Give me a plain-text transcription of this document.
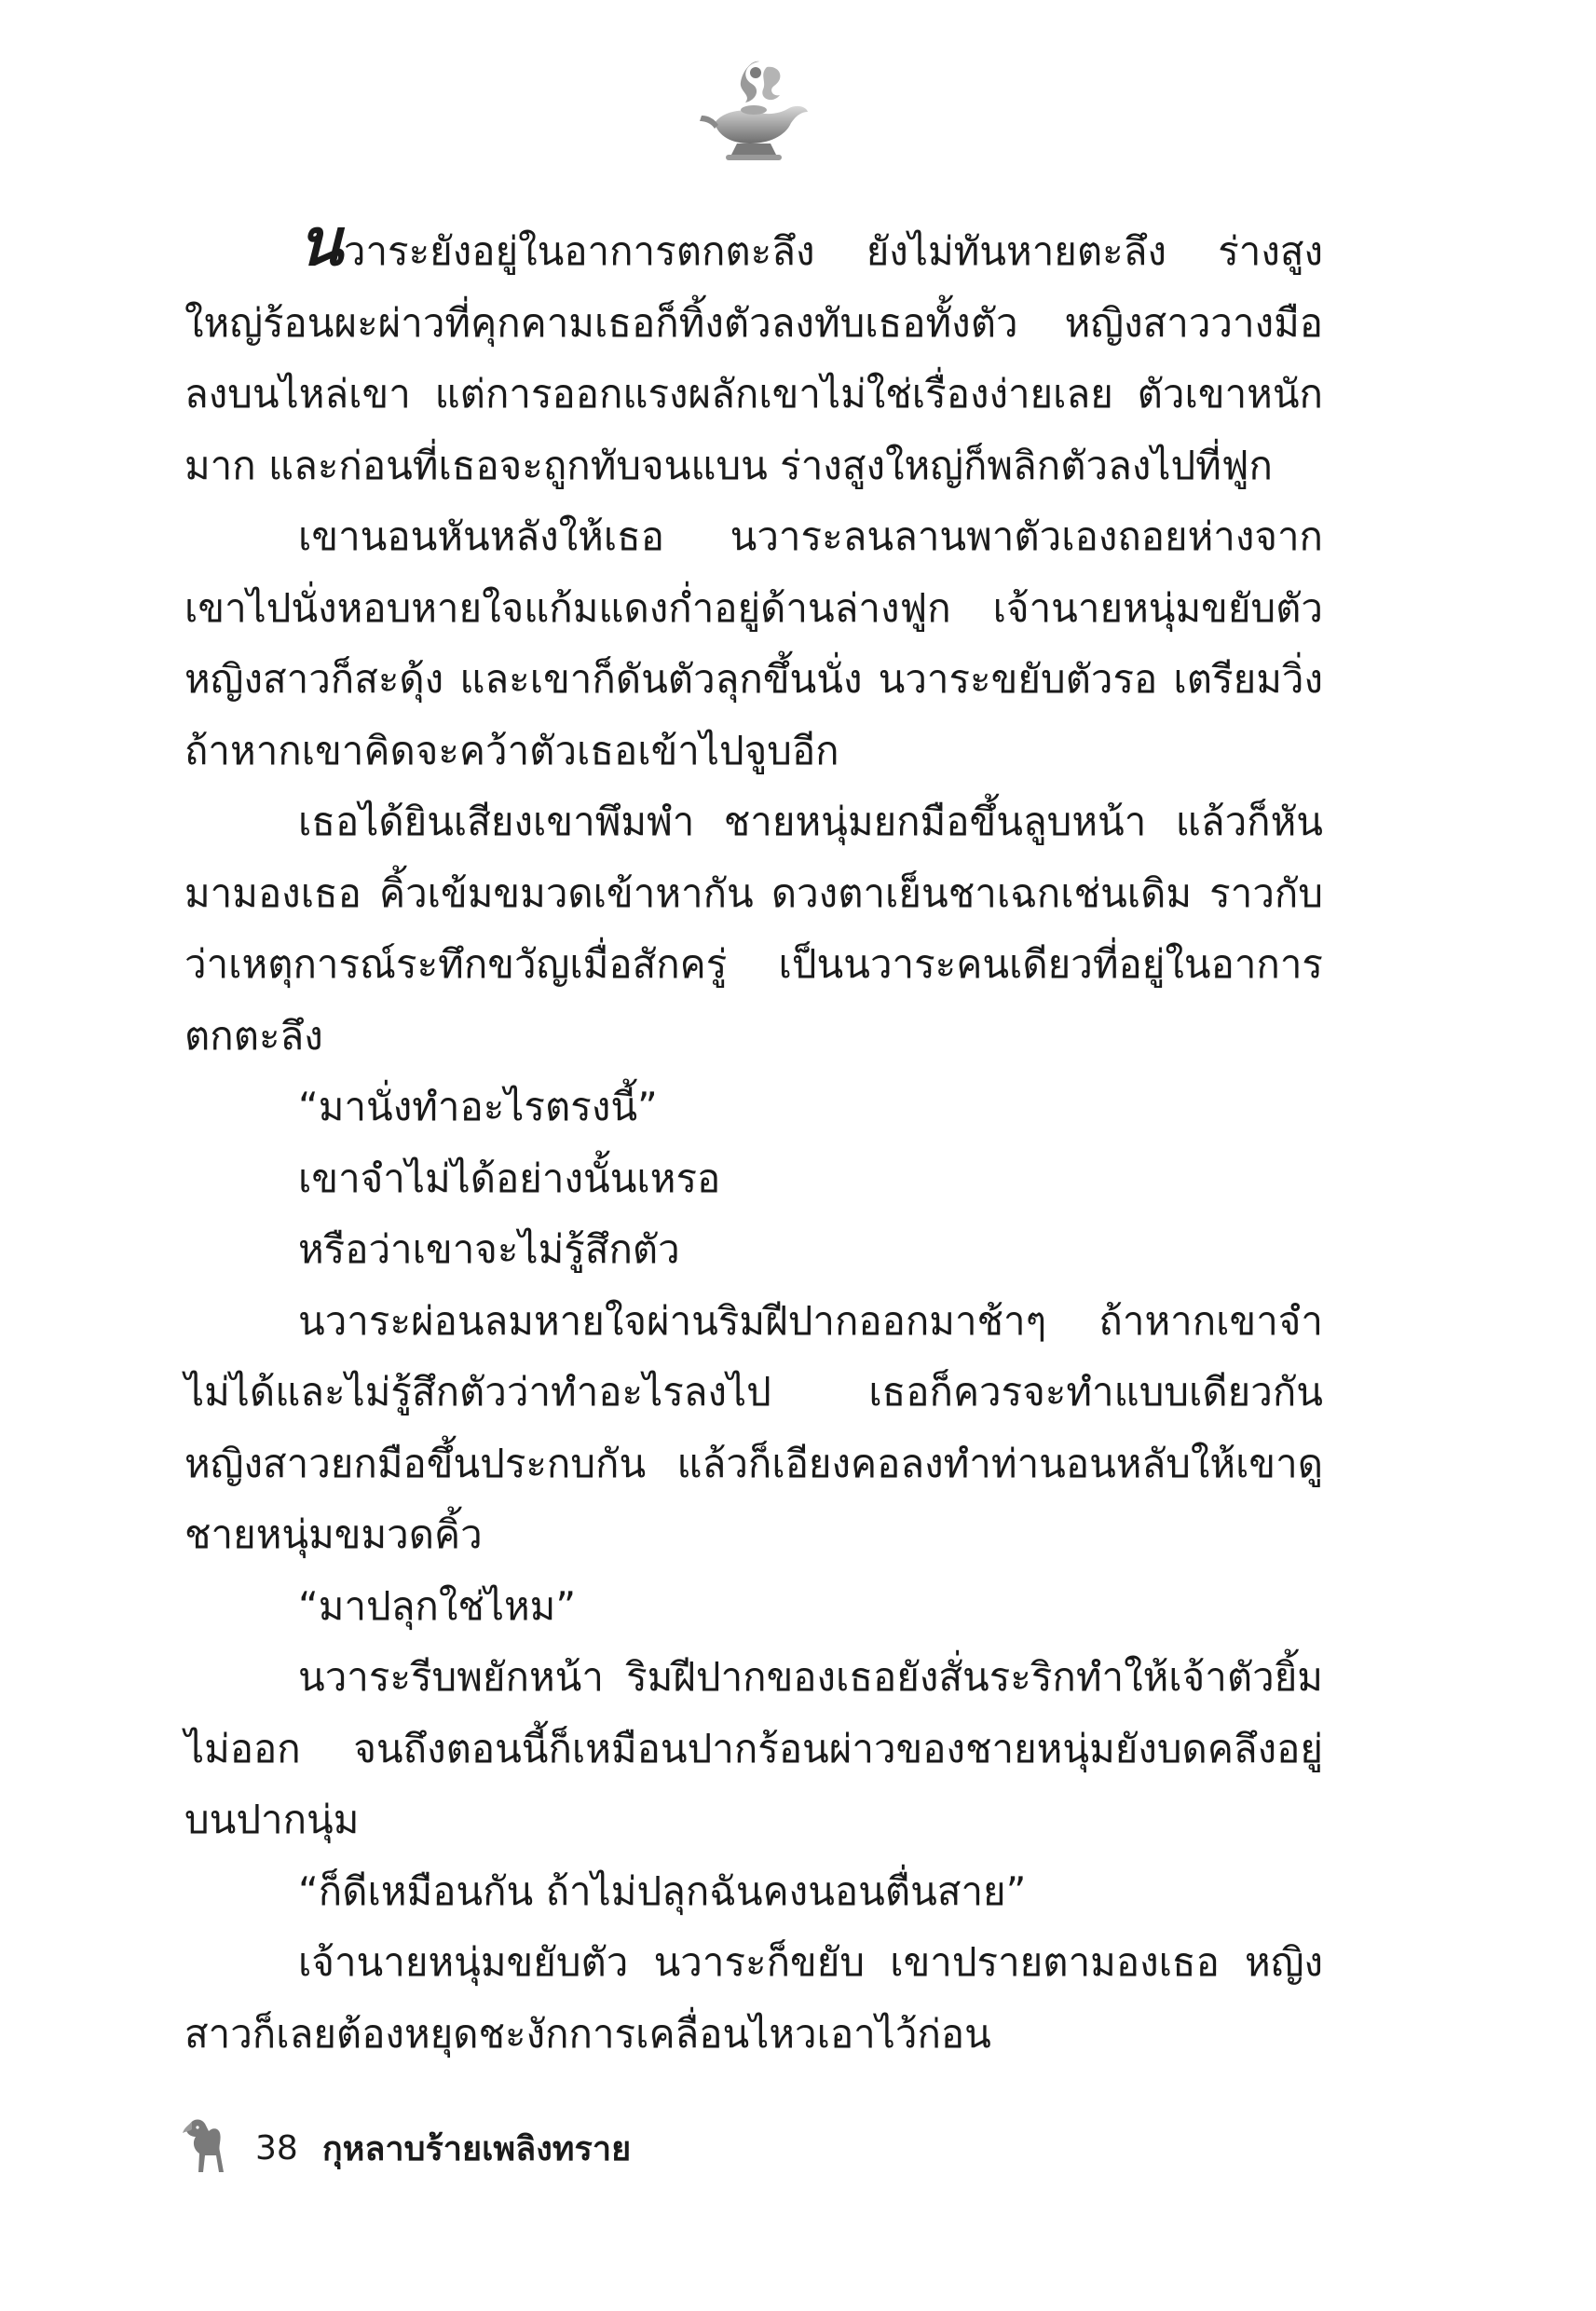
นวาระยังอยู่ในอาการตกตะลึง ยังไม่ทันหายตะลึง ร่างสูงใหญ่ร้อนผะผ่าวที่คุกคามเธอก็ทิ้งตัวลงทับเธอทั้งตัว หญิงสาววางมือลงบนไหล่เขา แต่การออกแรงผลักเขาไม่ใช่เรื่องง่ายเลย ตัวเขาหนักมาก และก่อนที่เธอจะถูกทับจนแบน ร่างสูงใหญ่ก็พลิกตัวลงไปที่ฟูก

เขานอนหันหลังให้เธอ นวาระลนลานพาตัวเองถอยห่างจากเขาไปนั่งหอบหายใจแก้มแดงก่ำอยู่ด้านล่างฟูก เจ้านายหนุ่มขยับตัว หญิงสาวก็สะดุ้ง และเขาก็ดันตัวลุกขึ้นนั่ง นวาระขยับตัวรอ เตรียมวิ่งถ้าหากเขาคิดจะคว้าตัวเธอเข้าไปจูบอีก

เธอได้ยินเสียงเขาพึมพำ ชายหนุ่มยกมือขึ้นลูบหน้า แล้วก็หันมามองเธอ คิ้วเข้มขมวดเข้าหากัน ดวงตาเย็นชาเฉกเช่นเดิม ราวกับว่าเหตุการณ์ระทึกขวัญเมื่อสักครู่ เป็นนวาระคนเดียวที่อยู่ในอาการตกตะลึง

“มานั่งทำอะไรตรงนี้”

เขาจำไม่ได้อย่างนั้นเหรอ

หรือว่าเขาจะไม่รู้สึกตัว

นวาระผ่อนลมหายใจผ่านริมฝีปากออกมาช้าๆ ถ้าหากเขาจำไม่ได้และไม่รู้สึกตัวว่าทำอะไรลงไป เธอก็ควรจะทำแบบเดียวกัน หญิงสาวยกมือขึ้นประกบกัน แล้วก็เอียงคอลงทำท่านอนหลับให้เขาดู ชายหนุ่มขมวดคิ้ว

“มาปลุกใช่ไหม”

นวาระรีบพยักหน้า ริมฝีปากของเธอยังสั่นระริกทำให้เจ้าตัวยิ้มไม่ออก จนถึงตอนนี้ก็เหมือนปากร้อนผ่าวของชายหนุ่มยังบดคลึงอยู่บนปากนุ่ม

“ก็ดีเหมือนกัน ถ้าไม่ปลุกฉันคงนอนตื่นสาย”

เจ้านายหนุ่มขยับตัว นวาระก็ขยับ เขาปรายตามองเธอ หญิงสาวก็เลยต้องหยุดชะงักการเคลื่อนไหวเอาไว้ก่อน

38 กุหลาบร้ายเพลิงทราย
